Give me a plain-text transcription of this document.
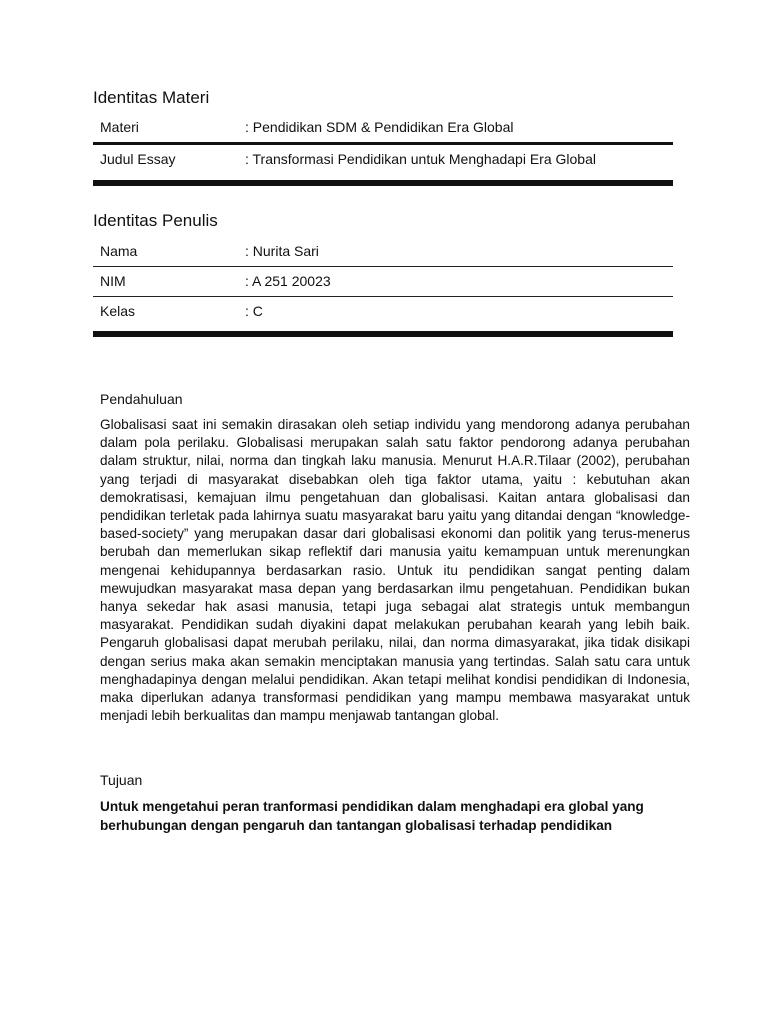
Identitas Materi
Materi	: Pendidikan SDM & Pendidikan Era Global
Judul Essay	: Transformasi Pendidikan untuk Menghadapi Era Global
Identitas Penulis
Nama	: Nurita Sari
NIM	: A 251 20023
Kelas	: C

Pendahuluan

Globalisasi saat ini semakin dirasakan oleh setiap individu yang mendorong adanya perubahan dalam pola perilaku. Globalisasi merupakan salah satu faktor pendorong adanya perubahan dalam struktur, nilai, norma dan tingkah laku manusia. Menurut H.A.R.Tilaar (2002), perubahan yang terjadi di masyarakat disebabkan oleh tiga faktor utama, yaitu : kebutuhan akan demokratisasi, kemajuan ilmu pengetahuan dan globalisasi. Kaitan antara globalisasi dan pendidikan terletak pada lahirnya suatu masyarakat baru yaitu yang ditandai dengan “knowledge-based-society” yang merupakan dasar dari globalisasi ekonomi dan politik yang terus-menerus berubah dan memerlukan sikap reflektif dari manusia yaitu kemampuan untuk merenungkan mengenai kehidupannya berdasarkan rasio. Untuk itu pendidikan sangat penting dalam mewujudkan masyarakat masa depan yang berdasarkan ilmu pengetahuan. Pendidikan bukan hanya sekedar hak asasi manusia, tetapi juga sebagai alat strategis untuk membangun masyarakat. Pendidikan sudah diyakini dapat melakukan perubahan kearah yang lebih baik. Pengaruh globalisasi dapat merubah perilaku, nilai, dan norma dimasyarakat, jika tidak disikapi dengan serius maka akan semakin menciptakan manusia yang tertindas. Salah satu cara untuk menghadapinya dengan melalui pendidikan. Akan tetapi melihat kondisi pendidikan di Indonesia, maka diperlukan adanya transformasi pendidikan yang mampu membawa masyarakat untuk menjadi lebih berkualitas dan mampu menjawab tantangan global.

Tujuan

Untuk mengetahui peran tranformasi pendidikan dalam menghadapi era global yang berhubungan dengan pengaruh dan tantangan globalisasi terhadap pendidikan
